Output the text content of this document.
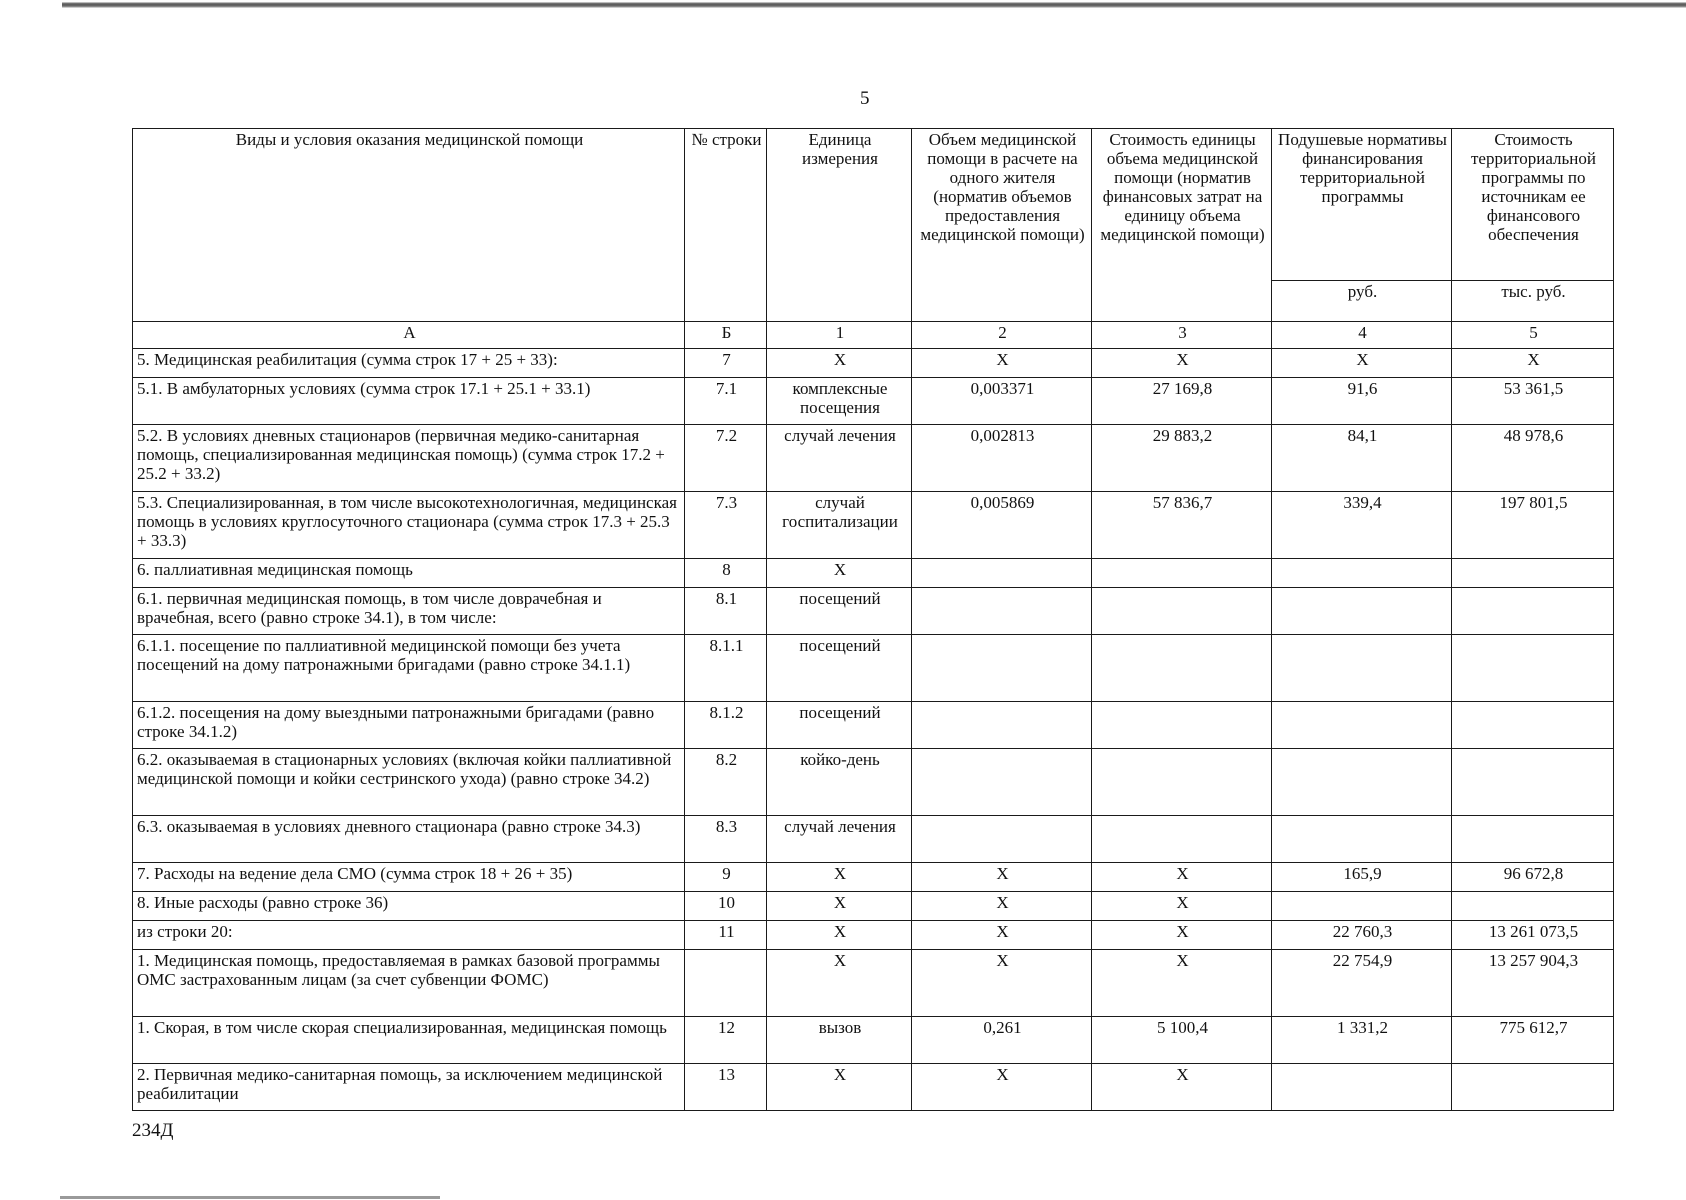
5
Виды и условия оказания медицинской помощи	№ строки	Единица измерения	Объем медицинской помощи в расчете на одного жителя (норматив объемов предоставления медицинской помощи)	Стоимость единицы объема медицинской помощи (норматив финансовых затрат на единицу объема медицинской помощи)	Подушевые нормативы финансирования территориальной программы	Стоимость территориальной программы по источникам ее финансового обеспечения
					руб.	тыс. руб.
А	Б	1	2	3	4	5
5. Медицинская реабилитация (сумма строк 17 + 25 + 33):	7	X	X	X	X	X
5.1. В амбулаторных условиях (сумма строк 17.1 + 25.1 + 33.1)	7.1	комплексные посещения	0,003371	27 169,8	91,6	53 361,5
5.2. В условиях дневных стационаров (первичная медико-санитарная помощь, специализированная медицинская помощь) (сумма строк 17.2 + 25.2 + 33.2)	7.2	случай лечения	0,002813	29 883,2	84,1	48 978,6
5.3. Специализированная, в том числе высокотехнологичная, медицинская помощь в условиях круглосуточного стационара (сумма строк 17.3 + 25.3 + 33.3)	7.3	случай госпитализации	0,005869	57 836,7	339,4	197 801,5
6. паллиативная медицинская помощь	8	X				
6.1. первичная медицинская помощь, в том числе доврачебная и врачебная, всего (равно строке 34.1), в том числе:	8.1	посещений				
6.1.1. посещение по паллиативной медицинской помощи без учета посещений на дому патронажными бригадами (равно строке 34.1.1)	8.1.1	посещений				
6.1.2. посещения на дому выездными патронажными бригадами (равно строке 34.1.2)	8.1.2	посещений				
6.2. оказываемая в стационарных условиях (включая койки паллиативной медицинской помощи и койки сестринского ухода) (равно строке 34.2)	8.2	койко-день				
6.3. оказываемая в условиях дневного стационара (равно строке 34.3)	8.3	случай лечения				
7. Расходы на ведение дела СМО (сумма строк 18 + 26 + 35)	9	X	X	X	165,9	96 672,8
8. Иные расходы (равно строке 36)	10	X	X	X		
из строки 20:	11	X	X	X	22 760,3	13 261 073,5
1. Медицинская помощь, предоставляемая в рамках базовой программы ОМС застрахованным лицам (за счет субвенции ФОМС)		X	X	X	22 754,9	13 257 904,3
1. Скорая, в том числе скорая специализированная, медицинская помощь	12	вызов	0,261	5 100,4	1 331,2	775 612,7
2. Первичная медико-санитарная помощь, за исключением медицинской реабилитации	13	X	X	X		
234Д
